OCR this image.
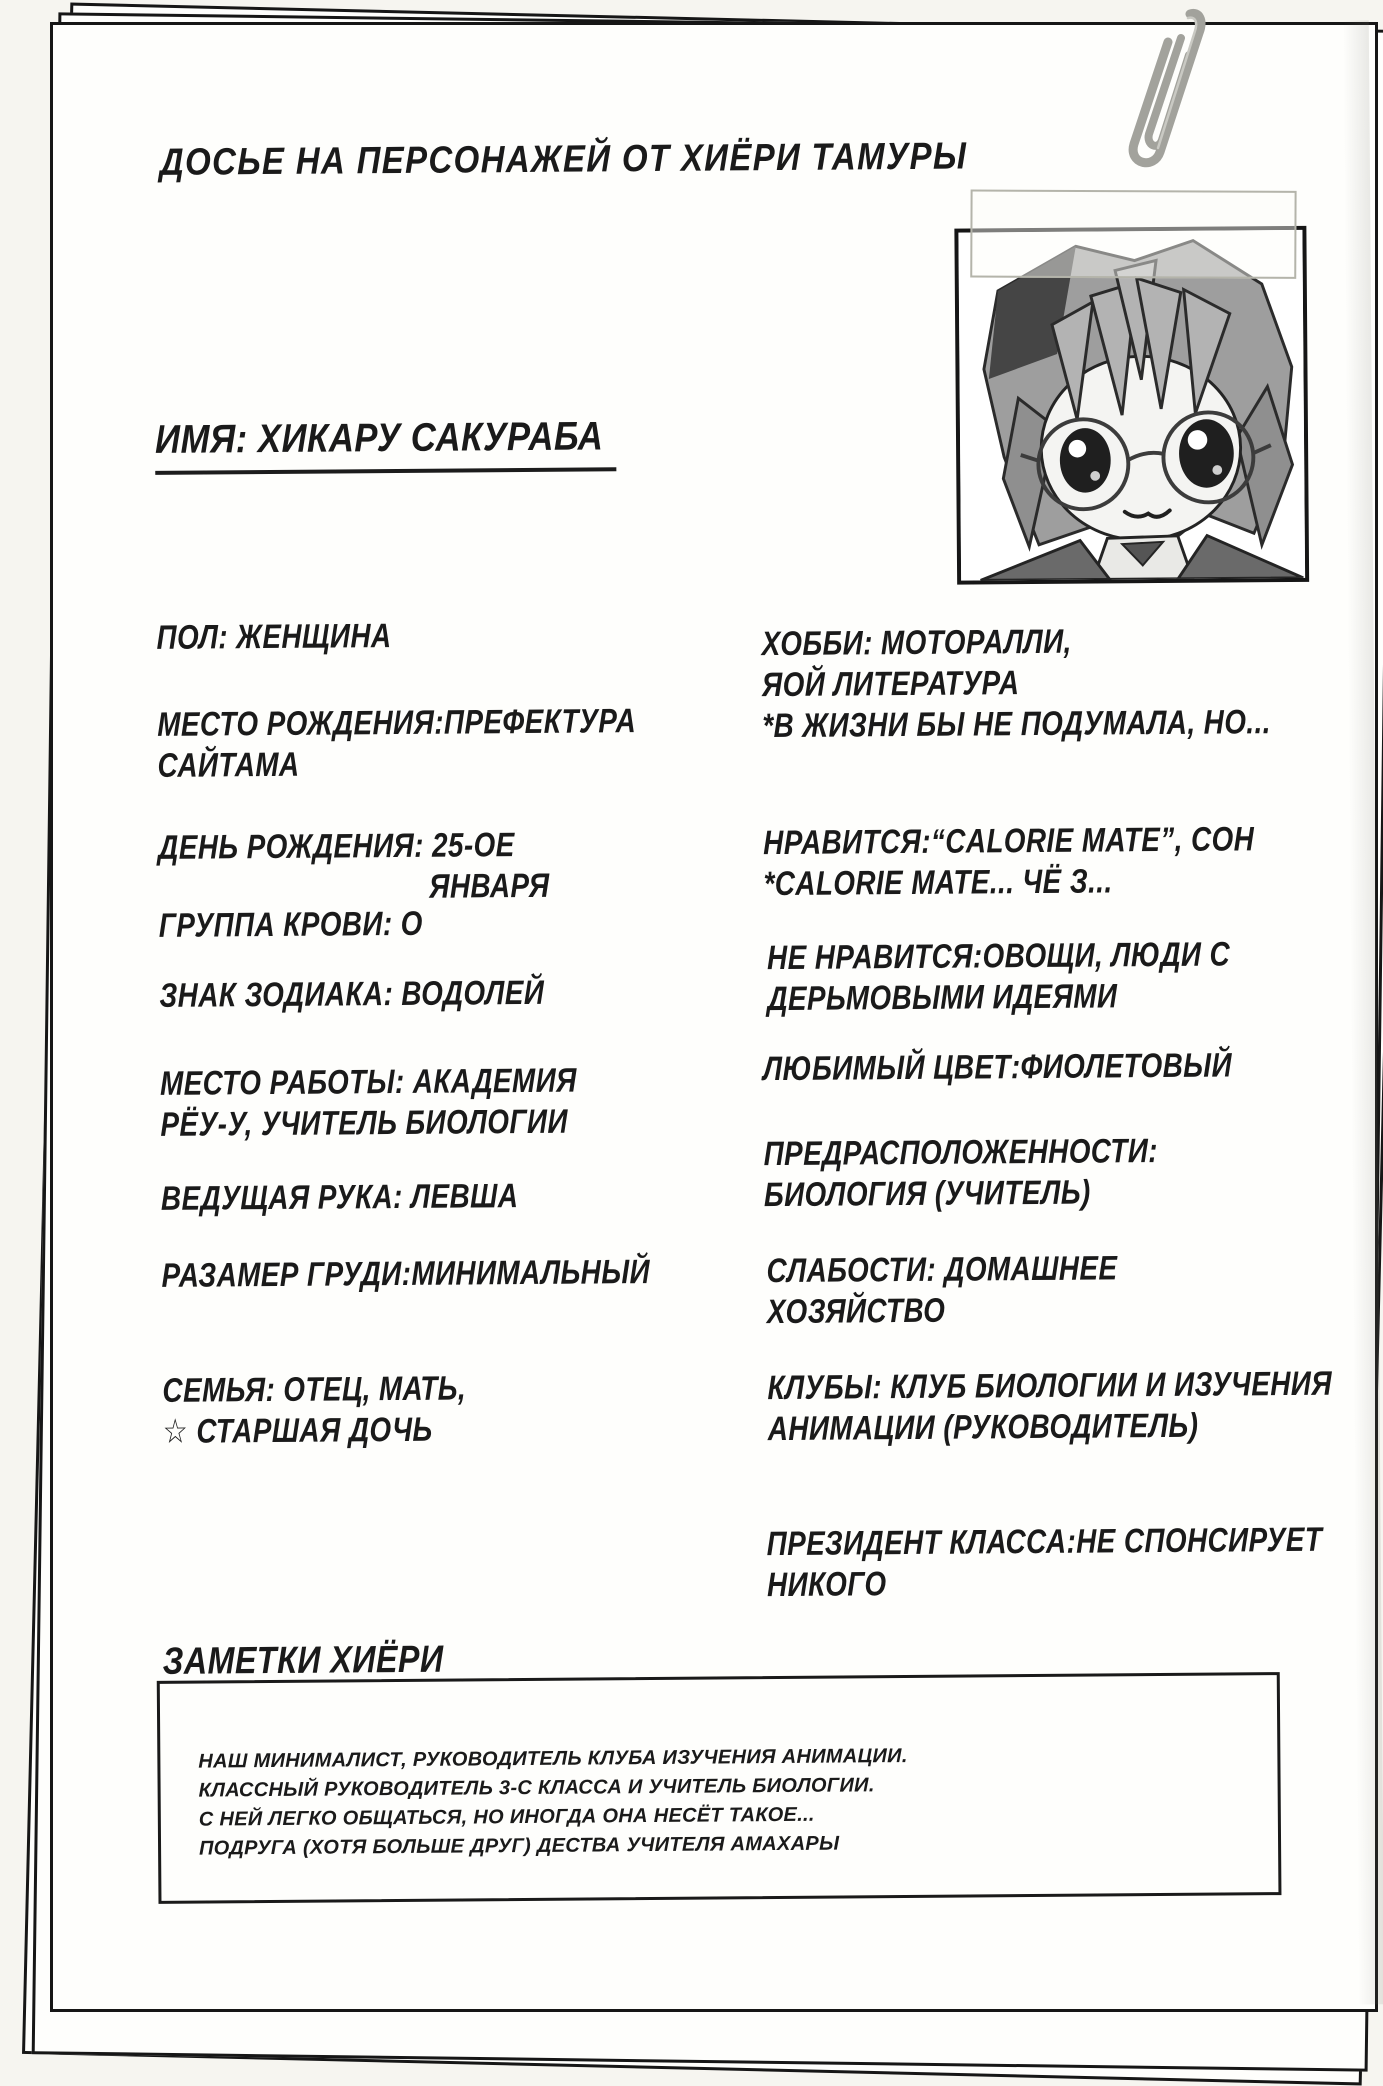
ДОСЬЕ НА ПЕРСОНАЖЕЙ ОТ ХИЁРИ ТАМУРЫ
ИМЯ: ХИКАРУ САКУРАБА
ПОЛ: ЖЕНЩИНА
МЕСТО РОЖДЕНИЯ:ПРЕФЕКТУРА
САЙТАМА
ДЕНЬ РОЖДЕНИЯ: 25-ОЕ
ЯНВАРЯ
ГРУППА КРОВИ: О
ЗНАК ЗОДИАКА: ВОДОЛЕЙ
МЕСТО РАБОТЫ: АКАДЕМИЯ
РЁУ-У, УЧИТЕЛЬ БИОЛОГИИ
ВЕДУЩАЯ РУКА: ЛЕВША
РАЗАМЕР ГРУДИ:МИНИМАЛЬНЫЙ
СЕМЬЯ: ОТЕЦ, МАТЬ,
☆ СТАРШАЯ ДОЧЬ
ХОББИ: МОТОРАЛЛИ,
ЯОЙ ЛИТЕРАТУРА
*В ЖИЗНИ БЫ НЕ ПОДУМАЛА, НО...
НРАВИТСЯ:“CALORIE MATE”, СОН
*CALORIE MATE... ЧЁ З...
НЕ НРАВИТСЯ:ОВОЩИ, ЛЮДИ С
ДЕРЬМОВЫМИ ИДЕЯМИ
ЛЮБИМЫЙ ЦВЕТ:ФИОЛЕТОВЫЙ
ПРЕДРАСПОЛОЖЕННОСТИ:
БИОЛОГИЯ (УЧИТЕЛЬ)
СЛАБОСТИ: ДОМАШНЕЕ
ХОЗЯЙСТВО
КЛУБЫ: КЛУБ БИОЛОГИИ И ИЗУЧЕНИЯ
АНИМАЦИИ (РУКОВОДИТЕЛЬ)
ПРЕЗИДЕНТ КЛАССА:НЕ СПОНСИРУЕТ
НИКОГО
ЗАМЕТКИ ХИЁРИ
НАШ МИНИМАЛИСТ, РУКОВОДИТЕЛЬ КЛУБА ИЗУЧЕНИЯ АНИМАЦИИ.
КЛАССНЫЙ РУКОВОДИТЕЛЬ 3-С КЛАССА И УЧИТЕЛЬ БИОЛОГИИ.
С НЕЙ ЛЕГКО ОБЩАТЬСЯ, НО ИНОГДА ОНА НЕСЁТ ТАКОЕ...
ПОДРУГА (ХОТЯ БОЛЬШЕ ДРУГ) ДЕСТВА УЧИТЕЛЯ АМАХАРЫ
